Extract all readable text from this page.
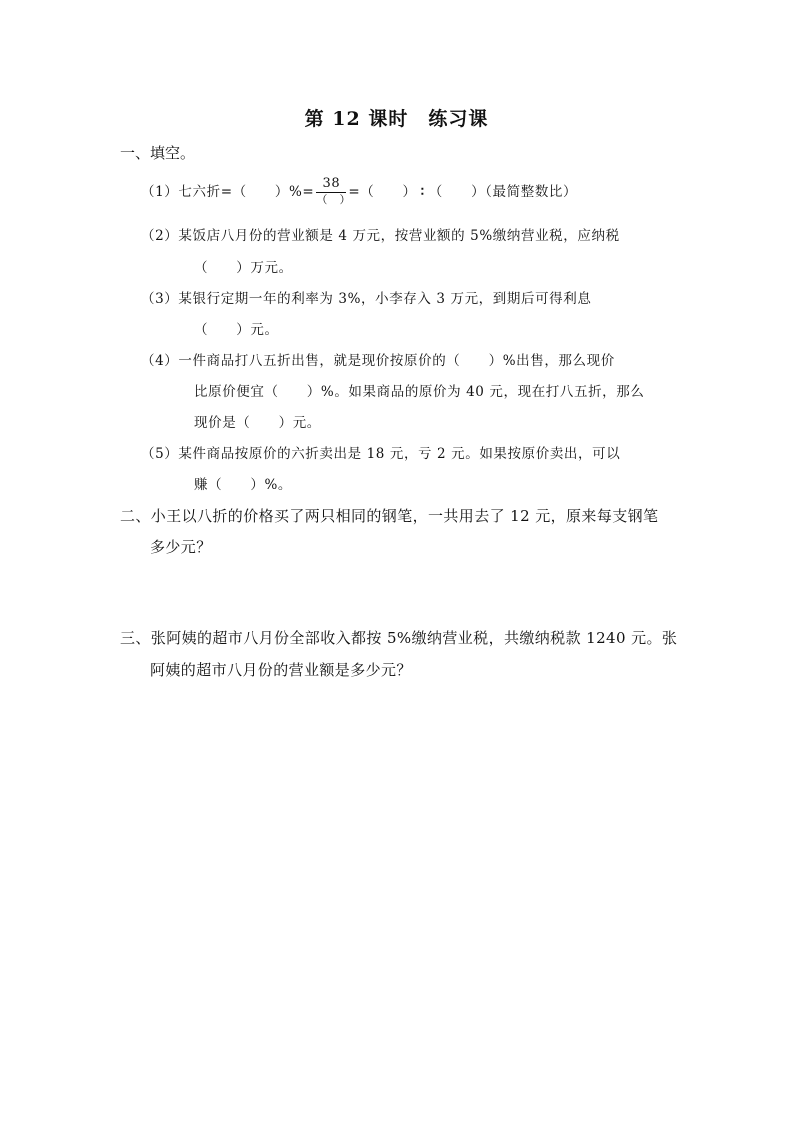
第 12 课时　练习课
一、填空。
（1）七六折=（　　）%= $\frac{38}{( )}$ =（　　） ∶ （　　）（最简整数比）
（2）某饭店八月份的营业额是 4 万元，按营业额的 5%缴纳营业税，应纳税
（　　）万元。
（3）某银行定期一年的利率为 3%，小李存入 3 万元，到期后可得利息
（　　）元。
（4）一件商品打八五折出售，就是现价按原价的（　　）%出售，那么现价
比原价便宜（　　）%。如果商品的原价为 40 元，现在打八五折，那么
现价是（　　）元。
（5）某件商品按原价的六折卖出是 18 元，亏 2 元。如果按原价卖出，可以
赚（　　）%。
二、小王以八折的价格买了两只相同的钢笔，一共用去了 12 元，原来每支钢笔
多少元？
三、张阿姨的超市八月份全部收入都按 5%缴纳营业税，共缴纳税款 1240 元。张
阿姨的超市八月份的营业额是多少元？
